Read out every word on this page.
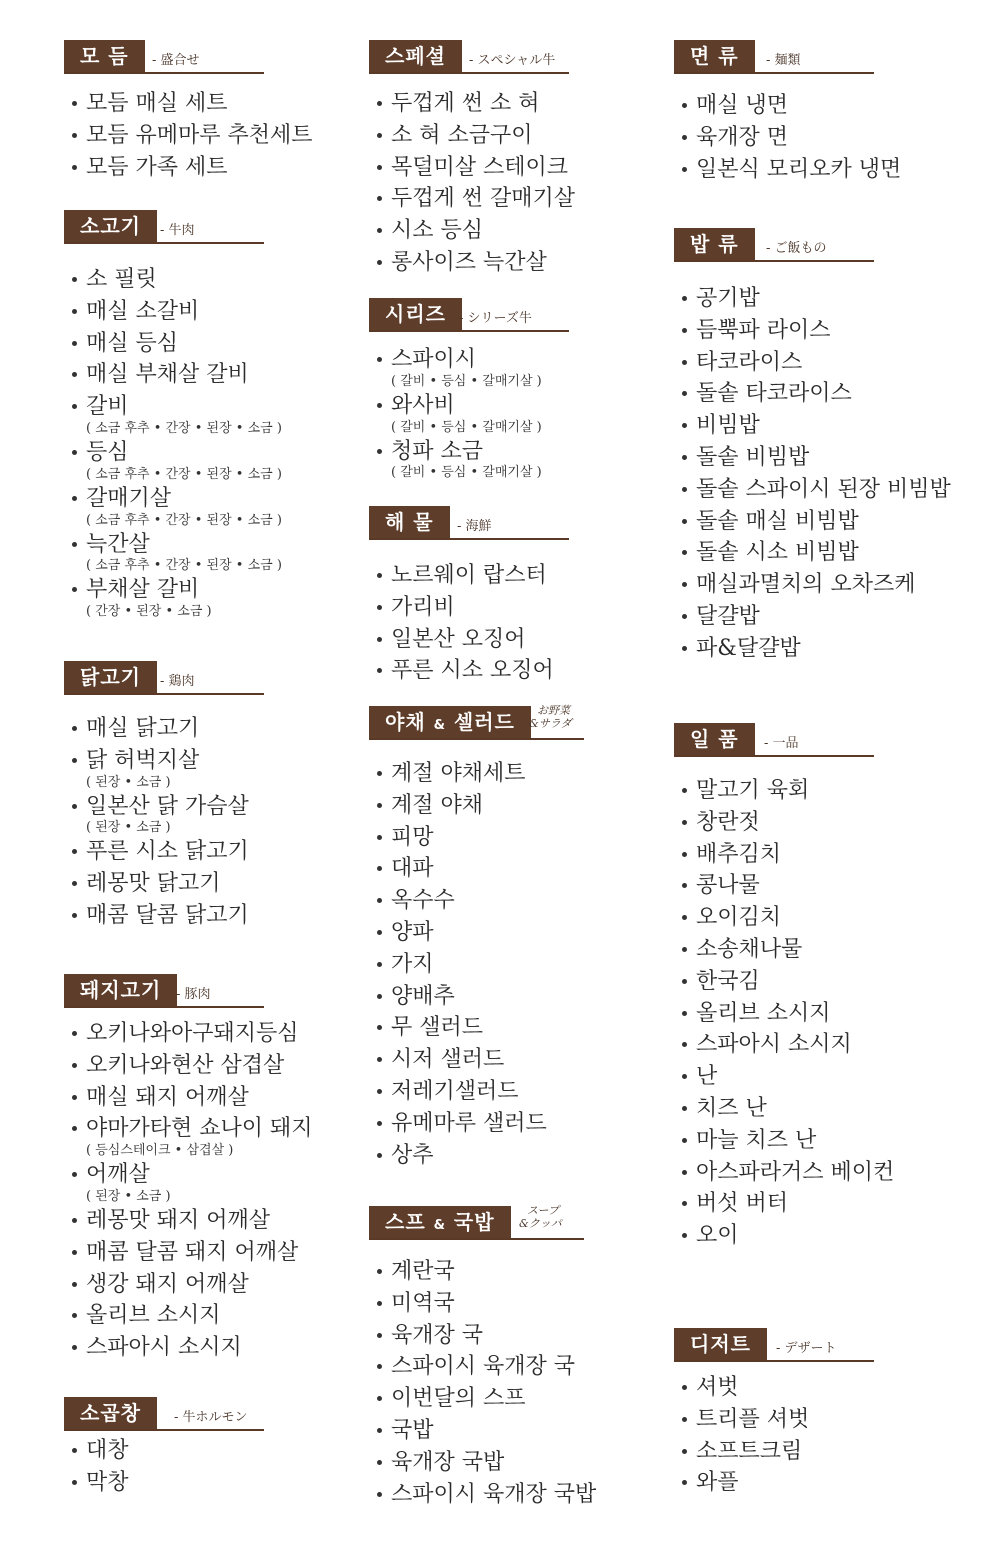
모 듬	- 盛合せ
모듬 매실 세트
모듬 유메마루 추천세트
모듬 가족 세트
소고기	- 牛肉
소 필릿
매실 소갈비
매실 등심
매실 부채살 갈비
갈비
( 소금 후추 • 간장 • 된장 • 소금 )
등심
( 소금 후추 • 간장 • 된장 • 소금 )
갈매기살
( 소금 후추 • 간장 • 된장 • 소금 )
늑간살
( 소금 후추 • 간장 • 된장 • 소금 )
부채살 갈비
( 간장 • 된장 • 소금 )
닭고기	- 鶏肉
매실 닭고기
닭 허벅지살
( 된장 • 소금 )
일본산 닭 가슴살
( 된장 • 소금 )
푸른 시소 닭고기
레몽맛 닭고기
매콤 달콤 닭고기
돼지고기	- 豚肉
오키나와아구돼지등심
오키나와현산 삼겹살
매실 돼지 어깨살
야마가타현 쇼나이 돼지
( 등심스테이크 • 삼겹살 )
어깨살
( 된장 • 소금 )
레몽맛 돼지 어깨살
매콤 달콤 돼지 어깨살
생강 돼지 어깨살
올리브 소시지
스파아시 소시지
소곱창	- 牛ホルモン
대창
막창
스페셜	- スペシャル牛
두껍게 썬 소 혀
소 혀 소금구이
목덜미살 스테이크
두껍게 썬 갈매기살
시소 등심
롱사이즈 늑간살
시리즈	- シリーズ牛
스파이시
( 갈비 • 등심 • 갈매기살 )
와사비
( 갈비 • 등심 • 갈매기살 )
청파 소금
( 갈비 • 등심 • 갈매기살 )
해 물	- 海鮮
노르웨이 랍스터
가리비
일본산 오징어
푸른 시소 오징어
야채 & 셀러드	お野菜
&サラダ
계절 야채세트
계절 야채
피망
대파
옥수수
양파
가지
양배추
무 샐러드
시저 샐러드
저레기샐러드
유메마루 샐러드
상추
스프 & 국밥	スープ
&クッパ
계란국
미역국
육개장 국
스파이시 육개장 국
이번달의 스프
국밥
육개장 국밥
스파이시 육개장 국밥
면 류	- 麺類
매실 냉면
육개장 면
일본식 모리오카 냉면
밥 류	- ご飯もの
공기밥
듬뿍파 라이스
타코라이스
돌솥 타코라이스
비빔밥
돌솥 비빔밥
돌솥 스파이시 된장 비빔밥
돌솥 매실 비빔밥
돌솥 시소 비빔밥
매실과멸치의 오차즈케
달걀밥
파&달걀밥
일 품	- 一品
말고기 육회
창란젓
배추김치
콩나물
오이김치
소송채나물
한국김
올리브 소시지
스파아시 소시지
난
치즈 난
마늘 치즈 난
아스파라거스 베이컨
버섯 버터
오이
디저트	- デザート
셔벗
트리플 셔벗
소프트크림
와플
